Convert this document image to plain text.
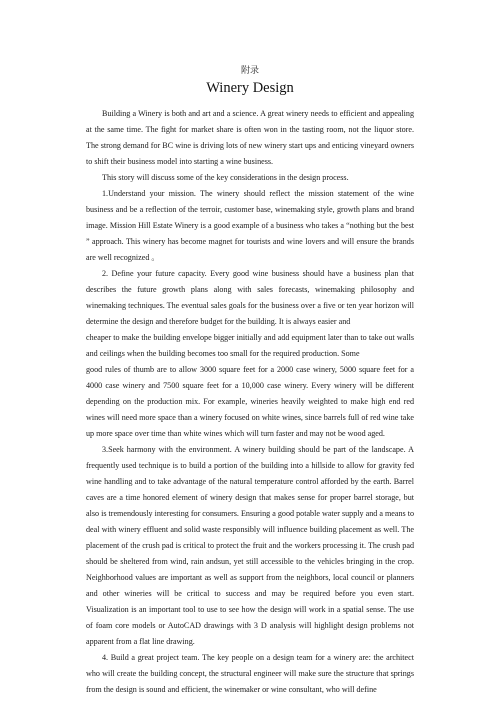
附录
Winery Design

Building a Winery is both and art and a science. A great winery needs to efficient and appealing at the same time. The fight for market share is often won in the tasting room, not the liquor store. The strong demand for BC wine is driving lots of new winery start ups and enticing vineyard owners to shift their business model into starting a wine business.

This story will discuss some of the key considerations in the design process.

1.Understand your mission. The winery should reflect the mission statement of the wine business and be a reflection of the terroir, customer base, winemaking style, growth plans and brand image. Mission Hill Estate Winery is a good example of a business who takes a “nothing but the best ” approach. This winery has become magnet for tourists and wine lovers and will ensure the brands are well recognized 。

2. Define your future capacity. Every good wine business should have a business plan that describes the future growth plans along with sales forecasts, winemaking philosophy and winemaking techniques. The eventual sales goals for the business over a five or ten year horizon will determine the design and therefore budget for the building. It is always easier and

cheaper to make the building envelope bigger initially and add equipment later than to take out walls and ceilings when the building becomes too small for the required production. Some

good rules of thumb are to allow 3000 square feet for a 2000 case winery, 5000 square feet for a 4000 case winery and 7500 square feet for a 10,000 case winery. Every winery will be different depending on the production mix. For example, wineries heavily weighted to make high end red wines will need more space than a winery focused on white wines, since barrels full of red wine take up more space over time than white wines which will turn faster and may not be wood aged.

3.Seek harmony with the environment. A winery building should be part of the landscape. A frequently used technique is to build a portion of the building into a hillside to allow for gravity fed wine handling and to take advantage of the natural temperature control afforded by the earth. Barrel caves are a time honored element of winery design that makes sense for proper barrel storage, but also is tremendously interesting for consumers. Ensuring a good potable water supply and a means to deal with winery effluent and solid waste responsibly will influence building placement as well. The placement of the crush pad is critical to protect the fruit and the workers processing it. The crush pad should be sheltered from wind, rain andsun, yet still accessible to the vehicles bringing in the crop. Neighborhood values are important as well as support from the neighbors, local council or planners and other wineries will be critical to success and may be required before you even start. Visualization is an important tool to use to see how the design will work in a spatial sense. The use of foam core models or AutoCAD drawings with 3 D analysis will highlight design problems not apparent from a flat line drawing.

4. Build a great project team. The key people on a design team for a winery are: the architect who will create the building concept, the structural engineer will make sure the structure that springs from the design is sound and efficient, the winemaker or wine consultant, who will define
